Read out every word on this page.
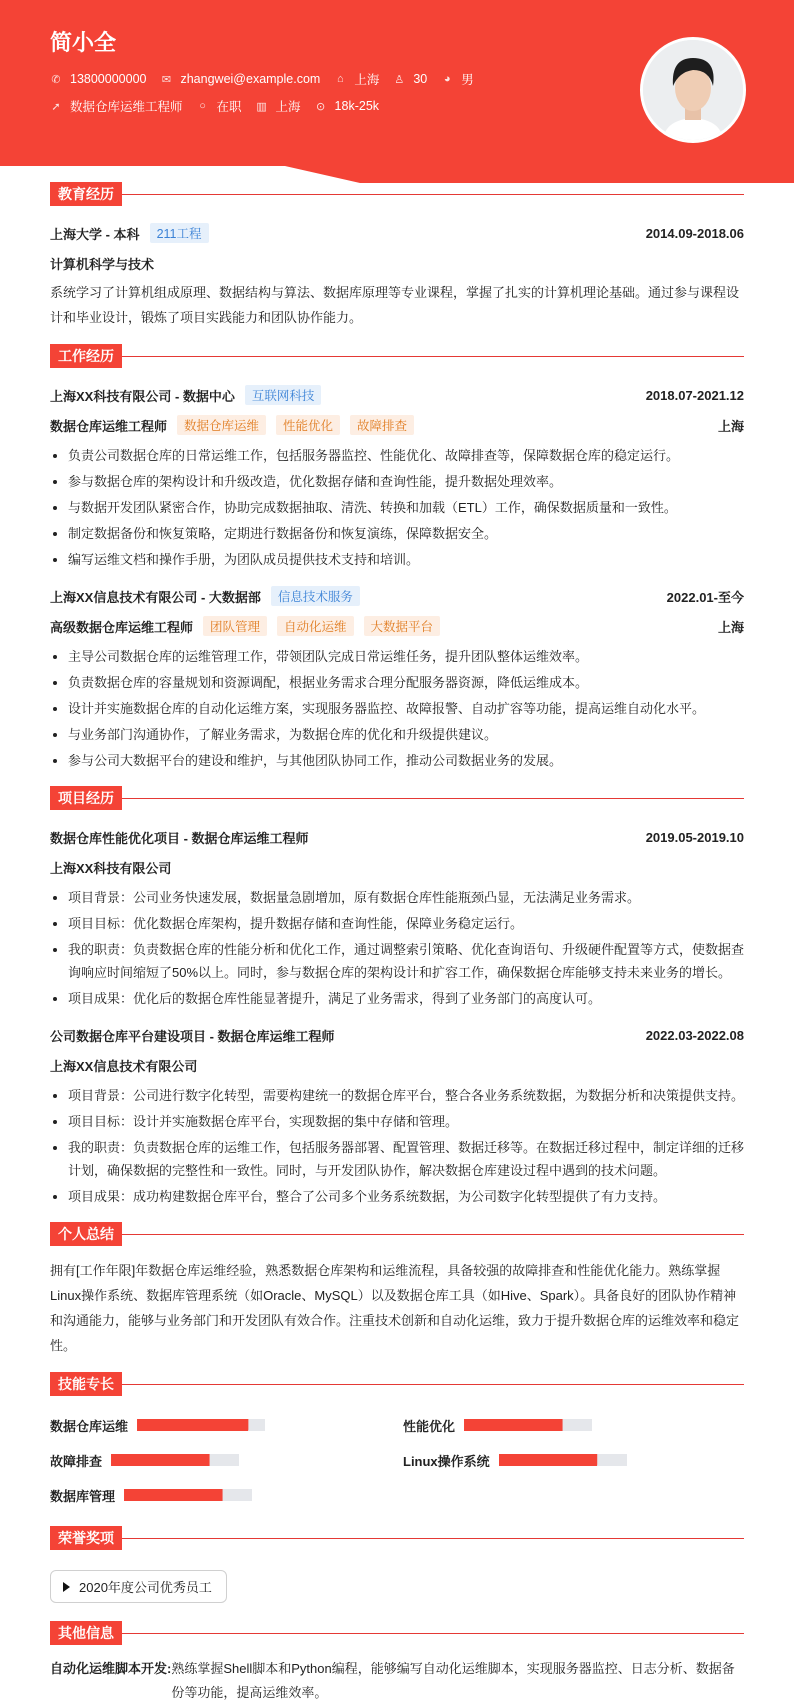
简小全
✆ 13800000000 ✉ zhangwei@example.com ⌂ 上海 ♙ 30 ◕ 男
➚ 数据仓库运维工程师 ○ 在职 ▥ 上海 ⊙ 18k-25k
教育经历
上海大学 - 本科	211工程	2014.09-2018.06
计算机科学与技术
系统学习了计算机组成原理、数据结构与算法、数据库原理等专业课程，掌握了扎实的计算机理论基础。通过参与课程设计和毕业设计，锻炼了项目实践能力和团队协作能力。
工作经历
上海XX科技有限公司 - 数据中心	互联网科技	2018.07-2021.12
数据仓库运维工程师	数据仓库运维	性能优化	故障排查	上海
负责公司数据仓库的日常运维工作，包括服务器监控、性能优化、故障排查等，保障数据仓库的稳定运行。
参与数据仓库的架构设计和升级改造，优化数据存储和查询性能，提升数据处理效率。
与数据开发团队紧密合作，协助完成数据抽取、清洗、转换和加载（ETL）工作，确保数据质量和一致性。
制定数据备份和恢复策略，定期进行数据备份和恢复演练，保障数据安全。
编写运维文档和操作手册，为团队成员提供技术支持和培训。
上海XX信息技术有限公司 - 大数据部	信息技术服务	2022.01-至今
高级数据仓库运维工程师	团队管理	自动化运维	大数据平台	上海
主导公司数据仓库的运维管理工作，带领团队完成日常运维任务，提升团队整体运维效率。
负责数据仓库的容量规划和资源调配，根据业务需求合理分配服务器资源，降低运维成本。
设计并实施数据仓库的自动化运维方案，实现服务器监控、故障报警、自动扩容等功能，提高运维自动化水平。
与业务部门沟通协作，了解业务需求，为数据仓库的优化和升级提供建议。
参与公司大数据平台的建设和维护，与其他团队协同工作，推动公司数据业务的发展。
项目经历
数据仓库性能优化项目 - 数据仓库运维工程师	2019.05-2019.10
上海XX科技有限公司
项目背景：公司业务快速发展，数据量急剧增加，原有数据仓库性能瓶颈凸显，无法满足业务需求。
项目目标：优化数据仓库架构，提升数据存储和查询性能，保障业务稳定运行。
我的职责：负责数据仓库的性能分析和优化工作，通过调整索引策略、优化查询语句、升级硬件配置等方式，使数据查询响应时间缩短了50%以上。同时，参与数据仓库的架构设计和扩容工作，确保数据仓库能够支持未来业务的增长。
项目成果：优化后的数据仓库性能显著提升，满足了业务需求，得到了业务部门的高度认可。
公司数据仓库平台建设项目 - 数据仓库运维工程师	2022.03-2022.08
上海XX信息技术有限公司
项目背景：公司进行数字化转型，需要构建统一的数据仓库平台，整合各业务系统数据，为数据分析和决策提供支持。
项目目标：设计并实施数据仓库平台，实现数据的集中存储和管理。
我的职责：负责数据仓库的运维工作，包括服务器部署、配置管理、数据迁移等。在数据迁移过程中，制定详细的迁移计划，确保数据的完整性和一致性。同时，与开发团队协作，解决数据仓库建设过程中遇到的技术问题。
项目成果：成功构建数据仓库平台，整合了公司多个业务系统数据，为公司数字化转型提供了有力支持。
个人总结
拥有[工作年限]年数据仓库运维经验，熟悉数据仓库架构和运维流程，具备较强的故障排查和性能优化能力。熟练掌握Linux操作系统、数据库管理系统（如Oracle、MySQL）以及数据仓库工具（如Hive、Spark）。具备良好的团队协作精神和沟通能力，能够与业务部门和开发团队有效合作。注重技术创新和自动化运维，致力于提升数据仓库的运维效率和稳定性。
技能专长
数据仓库运维	性能优化
故障排查	Linux操作系统
数据库管理
荣誉奖项
2020年度公司优秀员工
其他信息
自动化运维脚本开发: 熟练掌握Shell脚本和Python编程，能够编写自动化运维脚本，实现服务器监控、日志分析、数据备份等功能，提高运维效率。
